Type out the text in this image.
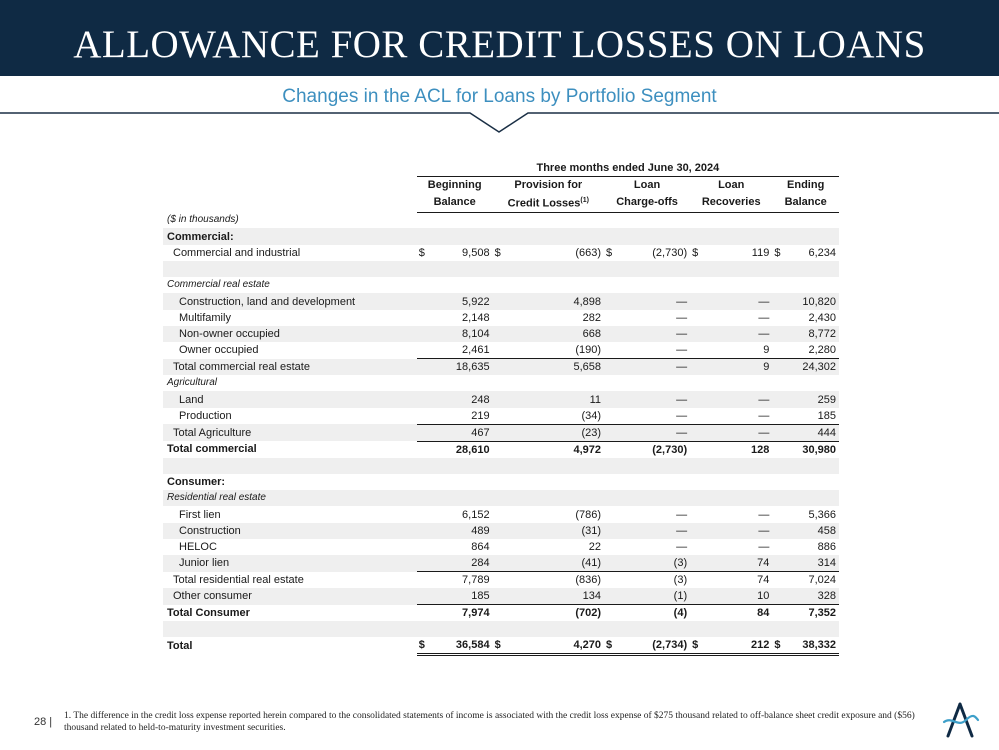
ALLOWANCE FOR CREDIT LOSSES ON LOANS
Changes in the ACL for Loans by Portfolio Segment
	Three months ended June 30, 2024									
	Beginning		Provision for		Loan		Loan		Ending	
	Balance		Credit Losses$^{(1)}$		Charge-offs		Recoveries		Balance	
($ in thousands)										
Commercial:										
Commercial and industrial	$	9,508	$	(663)	$	(2,730)	$	119	$	6,234

Commercial real estate										
Construction, land and development		5,922		4,898		—		—		10,820
Multifamily		2,148		282		—		—		2,430
Non-owner occupied		8,104		668		—		—		8,772
Owner occupied		2,461		(190)		—		9		2,280
Total commercial real estate		18,635		5,658		—		9		24,302
Agricultural										
Land		248		11		—		—		259
Production		219		(34)		—		—		185
Total Agriculture		467		(23)		—		—		444
Total commercial		28,610		4,972		(2,730)		128		30,980

Consumer:										
Residential real estate										
First lien		6,152		(786)		—		—		5,366
Construction		489		(31)		—		—		458
HELOC		864		22		—		—		886
Junior lien		284		(41)		(3)		74		314
Total residential real estate		7,789		(836)		(3)		74		7,024
Other consumer		185		134		(1)		10		328
Total Consumer		7,974		(702)		(4)		84		7,352

Total	$	36,584	$	4,270	$	(2,734)	$	212	$	38,332
28 | 1. The difference in the credit loss expense reported herein compared to the consolidated statements of income is associated with the credit loss expense of $275 thousand related to off-balance sheet credit exposure and ($56) thousand related to held-to-maturity investment securities.
